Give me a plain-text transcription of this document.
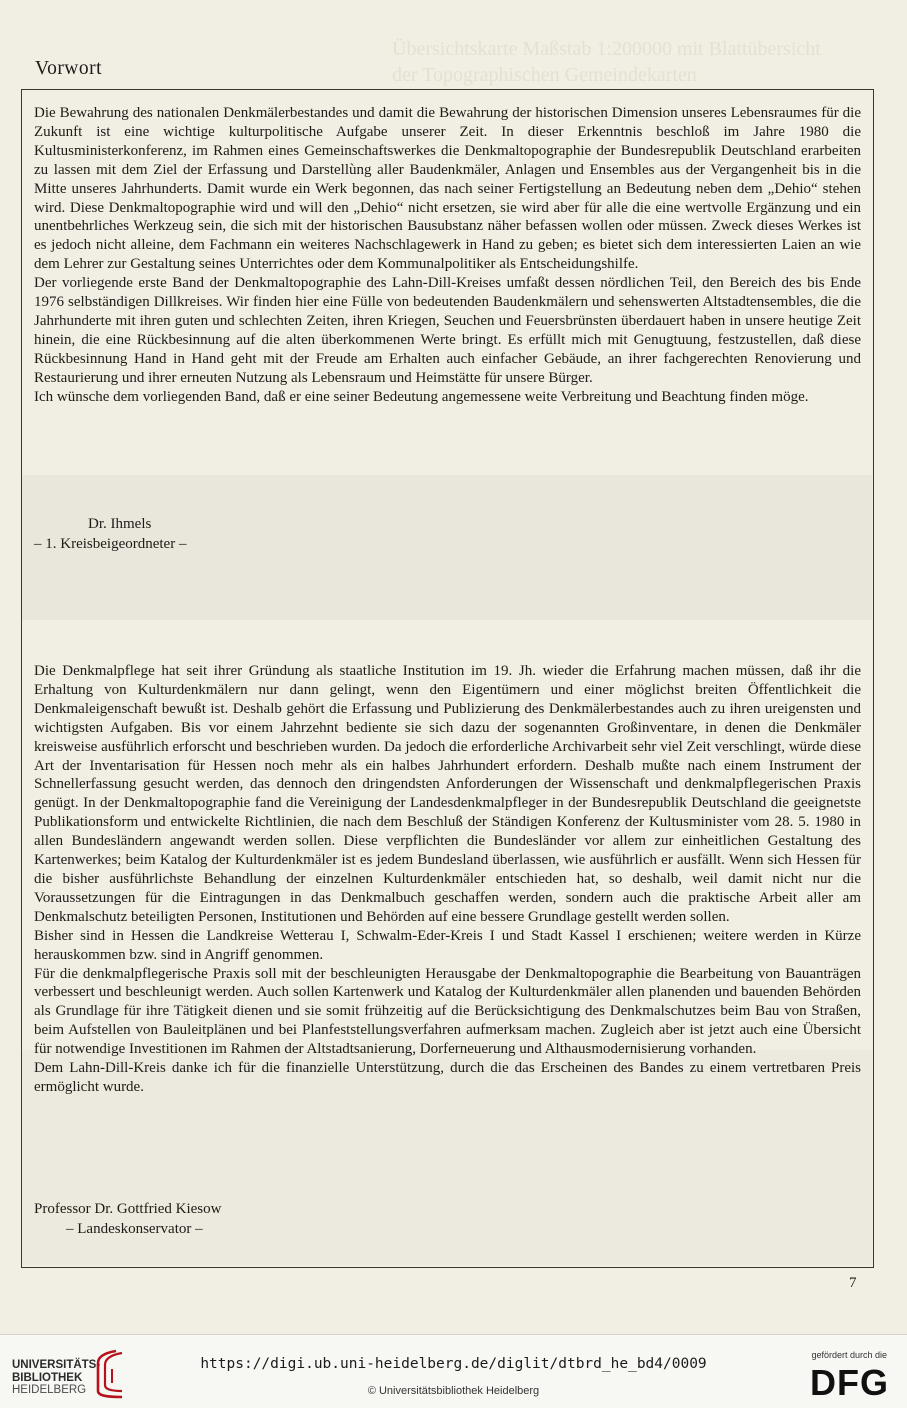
Übersichtskarte Maßstab 1:200000 mit Blattübersicht
der Topographischen Gemeindekarten
Vorwort

Die Bewahrung des nationalen Denkmälerbestandes und damit die Bewahrung der historischen Dimension unseres Lebensraumes für die Zukunft ist eine wichtige kulturpolitische Aufgabe unserer Zeit. In dieser Erkenntnis beschloß im Jahre 1980 die Kultusministerkonferenz, im Rahmen eines Gemeinschaftswerkes die Denkmaltopographie der Bundesrepublik Deutschland erarbeiten zu lassen mit dem Ziel der Erfassung und Darstellùng aller Baudenkmäler, Anlagen und Ensembles aus der Vergangenheit bis in die Mitte unseres Jahrhunderts. Damit wurde ein Werk begonnen, das nach seiner Fertigstellung an Bedeutung neben dem „Dehio“ stehen wird. Diese Denkmaltopographie wird und will den „Dehio“ nicht ersetzen, sie wird aber für alle die eine wertvolle Ergänzung und ein unentbehrliches Werkzeug sein, die sich mit der historischen Bausubstanz näher befassen wollen oder müssen. Zweck dieses Werkes ist es jedoch nicht alleine, dem Fachmann ein weiteres Nachschlagewerk in Hand zu geben; es bietet sich dem interessierten Laien an wie dem Lehrer zur Gestaltung seines Unterrichtes oder dem Kommunalpolitiker als Entscheidungshilfe.

Der vorliegende erste Band der Denkmaltopographie des Lahn-Dill-Kreises umfaßt dessen nördlichen Teil, den Bereich des bis Ende 1976 selbständigen Dillkreises. Wir finden hier eine Fülle von bedeutenden Baudenkmälern und sehenswerten Altstadtensembles, die die Jahrhunderte mit ihren guten und schlechten Zeiten, ihren Kriegen, Seuchen und Feuersbrünsten überdauert haben in unsere heutige Zeit hinein, die eine Rückbesinnung auf die alten überkommenen Werte bringt. Es erfüllt mich mit Genugtuung, festzustellen, daß diese Rückbesinnung Hand in Hand geht mit der Freude am Erhalten auch einfacher Gebäude, an ihrer fachgerechten Renovierung und Restaurierung und ihrer erneuten Nutzung als Lebensraum und Heimstätte für unsere Bürger.

Ich wünsche dem vorliegenden Band, daß er eine seiner Bedeutung angemessene weite Verbreitung und Beachtung finden möge.

Dr. Ihmels
– 1. Kreisbeigeordneter –

Die Denkmalpflege hat seit ihrer Gründung als staatliche Institution im 19. Jh. wieder die Erfahrung machen müssen, daß ihr die Erhaltung von Kulturdenkmälern nur dann gelingt, wenn den Eigentümern und einer möglichst breiten Öffentlichkeit die Denkmaleigenschaft bewußt ist. Deshalb gehört die Erfassung und Publizierung des Denkmälerbestandes auch zu ihren ureigensten und wichtigsten Aufgaben. Bis vor einem Jahrzehnt bediente sie sich dazu der sogenannten Großinventare, in denen die Denkmäler kreisweise ausführlich erforscht und beschrieben wurden. Da jedoch die erforderliche Archivarbeit sehr viel Zeit verschlingt, würde diese Art der Inventarisation für Hessen noch mehr als ein halbes Jahrhundert erfordern. Deshalb mußte nach einem Instrument der Schnellerfassung gesucht werden, das dennoch den dringendsten Anforderungen der Wissenschaft und denkmalpflegerischen Praxis genügt. In der Denkmaltopographie fand die Vereinigung der Landesdenkmalpfleger in der Bundesrepublik Deutschland die geeignetste Publikationsform und entwickelte Richtlinien, die nach dem Beschluß der Ständigen Konferenz der Kultusminister vom 28. 5. 1980 in allen Bundesländern angewandt werden sollen. Diese verpflichten die Bundesländer vor allem zur einheitlichen Gestaltung des Kartenwerkes; beim Katalog der Kulturdenkmäler ist es jedem Bundesland überlassen, wie ausführlich er ausfällt. Wenn sich Hessen für die bisher ausführlichste Behandlung der einzelnen Kulturdenkmäler entschieden hat, so deshalb, weil damit nicht nur die Voraussetzungen für die Eintragungen in das Denkmalbuch geschaffen werden, sondern auch die praktische Arbeit aller am Denkmalschutz beteiligten Personen, Institutionen und Behörden auf eine bessere Grundlage gestellt werden sollen.

Bisher sind in Hessen die Landkreise Wetterau I, Schwalm-Eder-Kreis I und Stadt Kassel I erschienen; weitere werden in Kürze herauskommen bzw. sind in Angriff genommen.

Für die denkmalpflegerische Praxis soll mit der beschleunigten Herausgabe der Denkmaltopographie die Bearbeitung von Bauanträgen verbessert und beschleunigt werden. Auch sollen Kartenwerk und Katalog der Kulturdenkmäler allen planenden und bauenden Behörden als Grundlage für ihre Tätigkeit dienen und sie somit frühzeitig auf die Berücksichtigung des Denkmalschutzes beim Bau von Straßen, beim Aufstellen von Bauleitplänen und bei Planfeststellungsverfahren aufmerksam machen. Zugleich aber ist jetzt auch eine Übersicht für notwendige Investitionen im Rahmen der Altstadtsanierung, Dorferneuerung und Althausmodernisierung vorhanden.

Dem Lahn-Dill-Kreis danke ich für die finanzielle Unterstützung, durch die das Erscheinen des Bandes zu einem vertretbaren Preis ermöglicht wurde.

Professor Dr. Gottfried Kiesow
– Landeskonservator –
7
UNIVERSITÄTS-
BIBLIOTHEK
HEIDELBERG
https://digi.ub.uni-heidelberg.de/diglit/dtbrd_he_bd4/0009
© Universitätsbibliothek Heidelberg
gefördert durch die
DFG
